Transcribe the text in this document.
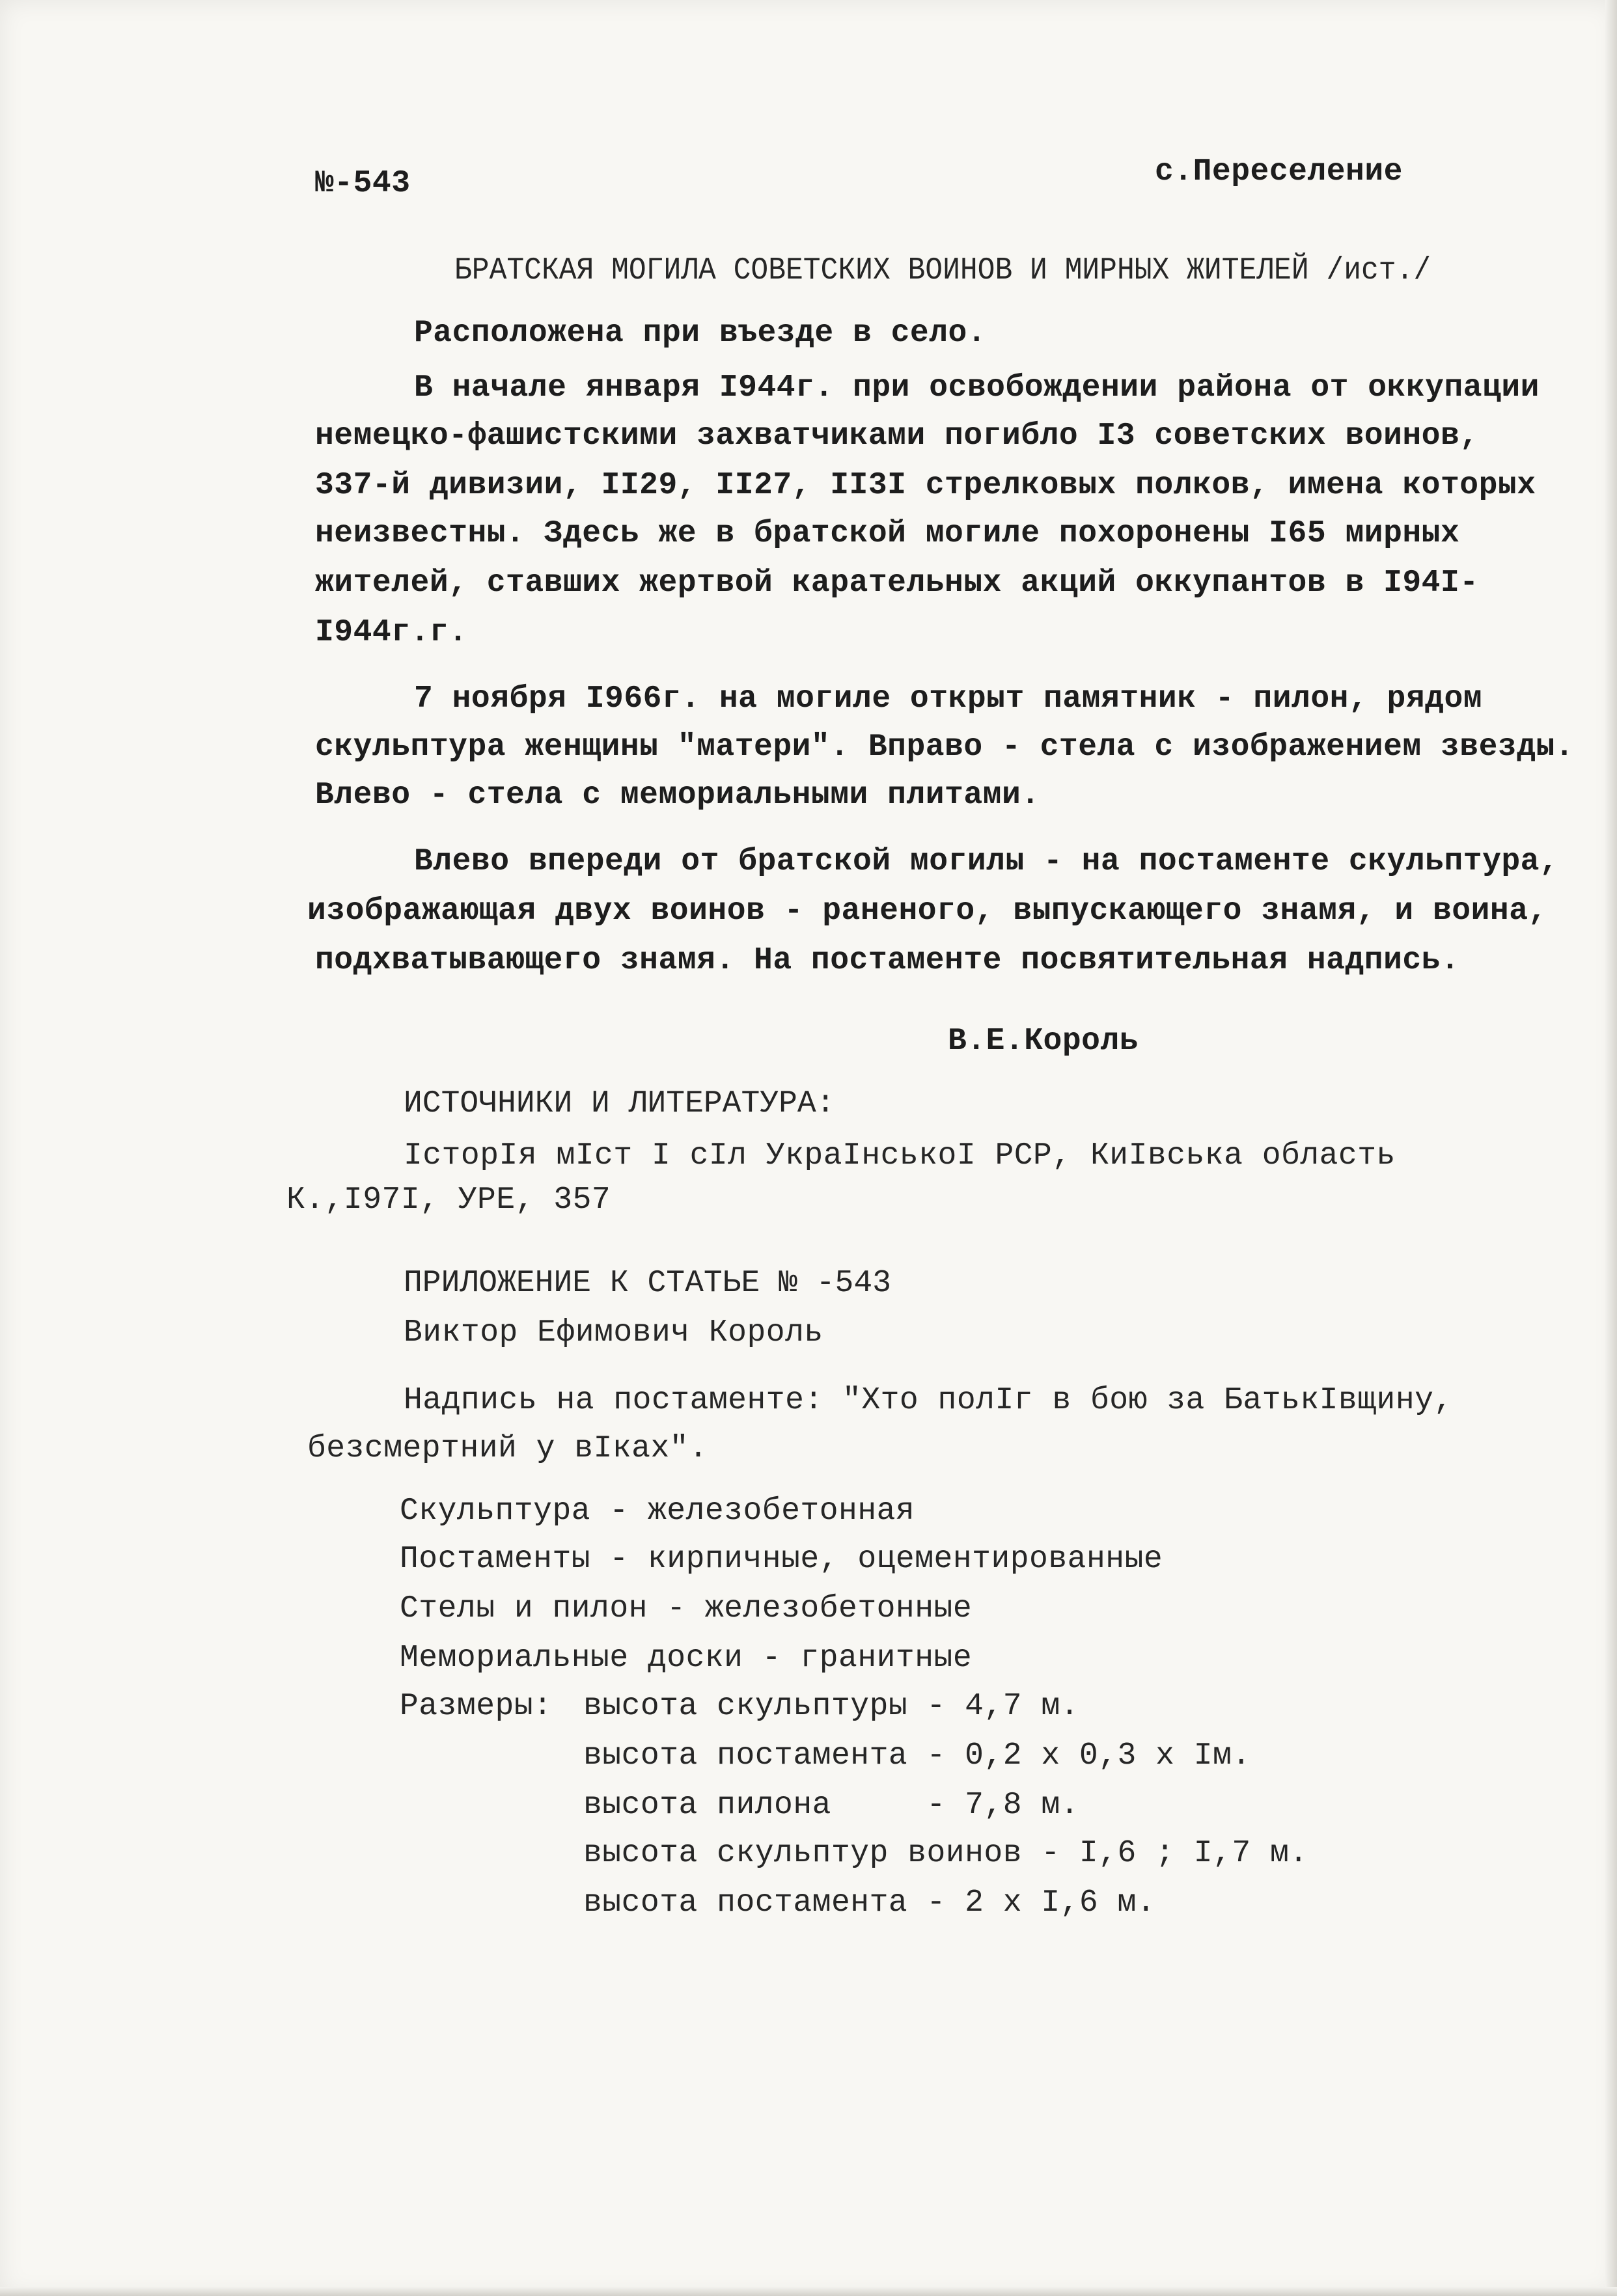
№-543	с.Переселение

БРАТСКАЯ МОГИЛА СОВЕТСКИХ ВОИНОВ И МИРНЫХ ЖИТЕЛЕЙ /ист./

Расположена при въезде в село.

В начале января I944г. при освобождении района от оккупации

немецко-фашистскими захватчиками погибло I3 советских воинов,

337-й дивизии, II29, II27, II3I стрелковых полков, имена которых

неизвестны. Здесь же в братской могиле похоронены I65 мирных

жителей, ставших жертвой карательных акций оккупантов в I94I-

I944г.г.

7 ноября I966г. на могиле открыт памятник - пилон, рядом

скульптура женщины "матери". Вправо - стела с изображением звезды.

Влево - стела с мемориальными плитами.

Влево впереди от братской могилы - на постаменте скульптура,

изображающая двух воинов - раненого, выпускающего знамя, и воина,

подхватывающего знамя. На постаменте посвятительная надпись.

В.Е.Король

ИСТОЧНИКИ И ЛИТЕРАТУРА:

IсторIя мIст I сIл УкраIнськоI РСР, КиIвська область

К.,I97I, УРЕ, 357

ПРИЛОЖЕНИЕ К СТАТЬЕ № -543

Виктор Ефимович Король

Надпись на постаменте: "Хто полIг в бою за БатькIвщину,

безсмертний у вIках".

Скульптура - железобетонная

Постаменты - кирпичные, оцементированные

Стелы и пилон - железобетонные

Мемориальные доски - гранитные

Размеры: высота скульптуры - 4,7 м.

высота постамента - 0,2 х 0,3 х Iм.

высота пилона     - 7,8 м.

высота скульптур воинов - I,6 ; I,7 м.

высота постамента - 2 х I,6 м.
